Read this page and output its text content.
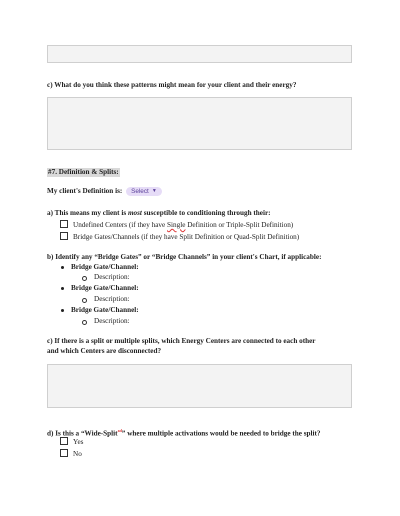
c) What do you think these patterns might mean for your client and their energy?
#7. Definition & Splits:
My client's Definition is: Select ▼
a) This means my client is most susceptible to conditioning through their:
Undefined Centers (if they have Single Definition or Triple-Split Definition)
Bridge Gates/Channels (if they have Split Definition or Quad-Split Definition)
b) Identify any “Bridge Gates” or “Bridge Channels” in your client's Chart, if applicable:
Bridge Gate/Channel:
Description:
Bridge Gate/Channel:
Description:
Bridge Gate/Channel:
Description:
c) If there is a split or multiple splits, which Energy Centers are connected to each other
and which Centers are disconnected?
d) Is this a “Wide-Split$^{ad}$” where multiple activations would be needed to bridge the split?
Yes
No
